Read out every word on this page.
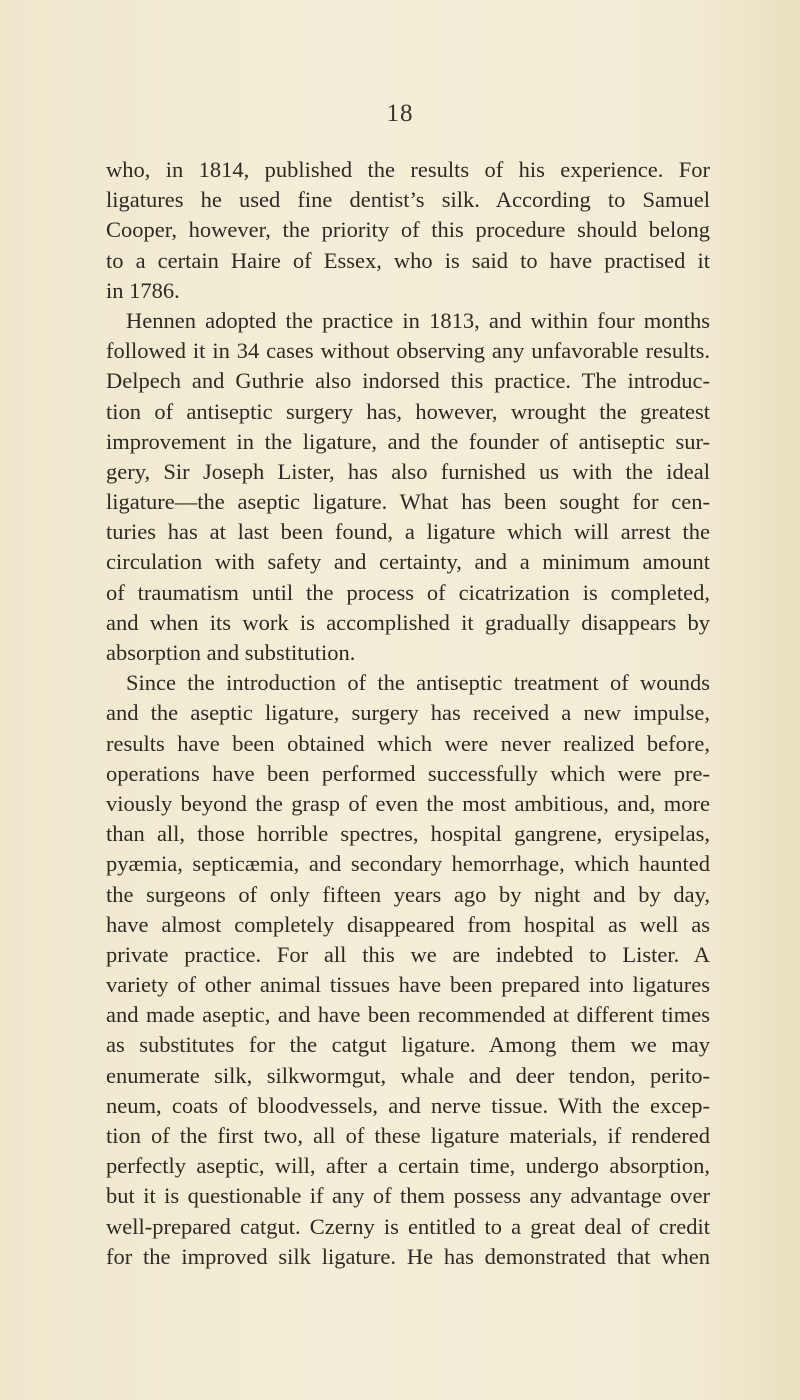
18
who, in 1814, published the results of his experience. For
ligatures he used fine dentist’s silk. According to Samuel
Cooper, however, the priority of this procedure should belong
to a certain Haire of Essex, who is said to have practised it
in 1786.
Hennen adopted the practice in 1813, and within four months
followed it in 34 cases without observing any unfavorable results.
Delpech and Guthrie also indorsed this practice. The introduc-
tion of antiseptic surgery has, however, wrought the greatest
improvement in the ligature, and the founder of antiseptic sur-
gery, Sir Joseph Lister, has also furnished us with the ideal
ligature—the aseptic ligature. What has been sought for cen-
turies has at last been found, a ligature which will arrest the
circulation with safety and certainty, and a minimum amount
of traumatism until the process of cicatrization is completed,
and when its work is accomplished it gradually disappears by
absorption and substitution.
Since the introduction of the antiseptic treatment of wounds
and the aseptic ligature, surgery has received a new impulse,
results have been obtained which were never realized before,
operations have been performed successfully which were pre-
viously beyond the grasp of even the most ambitious, and, more
than all, those horrible spectres, hospital gangrene, erysipelas,
pyæmia, septicæmia, and secondary hemorrhage, which haunted
the surgeons of only fifteen years ago by night and by day,
have almost completely disappeared from hospital as well as
private practice. For all this we are indebted to Lister. A
variety of other animal tissues have been prepared into ligatures
and made aseptic, and have been recommended at different times
as substitutes for the catgut ligature. Among them we may
enumerate silk, silkwormgut, whale and deer tendon, perito-
neum, coats of bloodvessels, and nerve tissue. With the excep-
tion of the first two, all of these ligature materials, if rendered
perfectly aseptic, will, after a certain time, undergo absorption,
but it is questionable if any of them possess any advantage over
well-prepared catgut. Czerny is entitled to a great deal of credit
for the improved silk ligature. He has demonstrated that when
